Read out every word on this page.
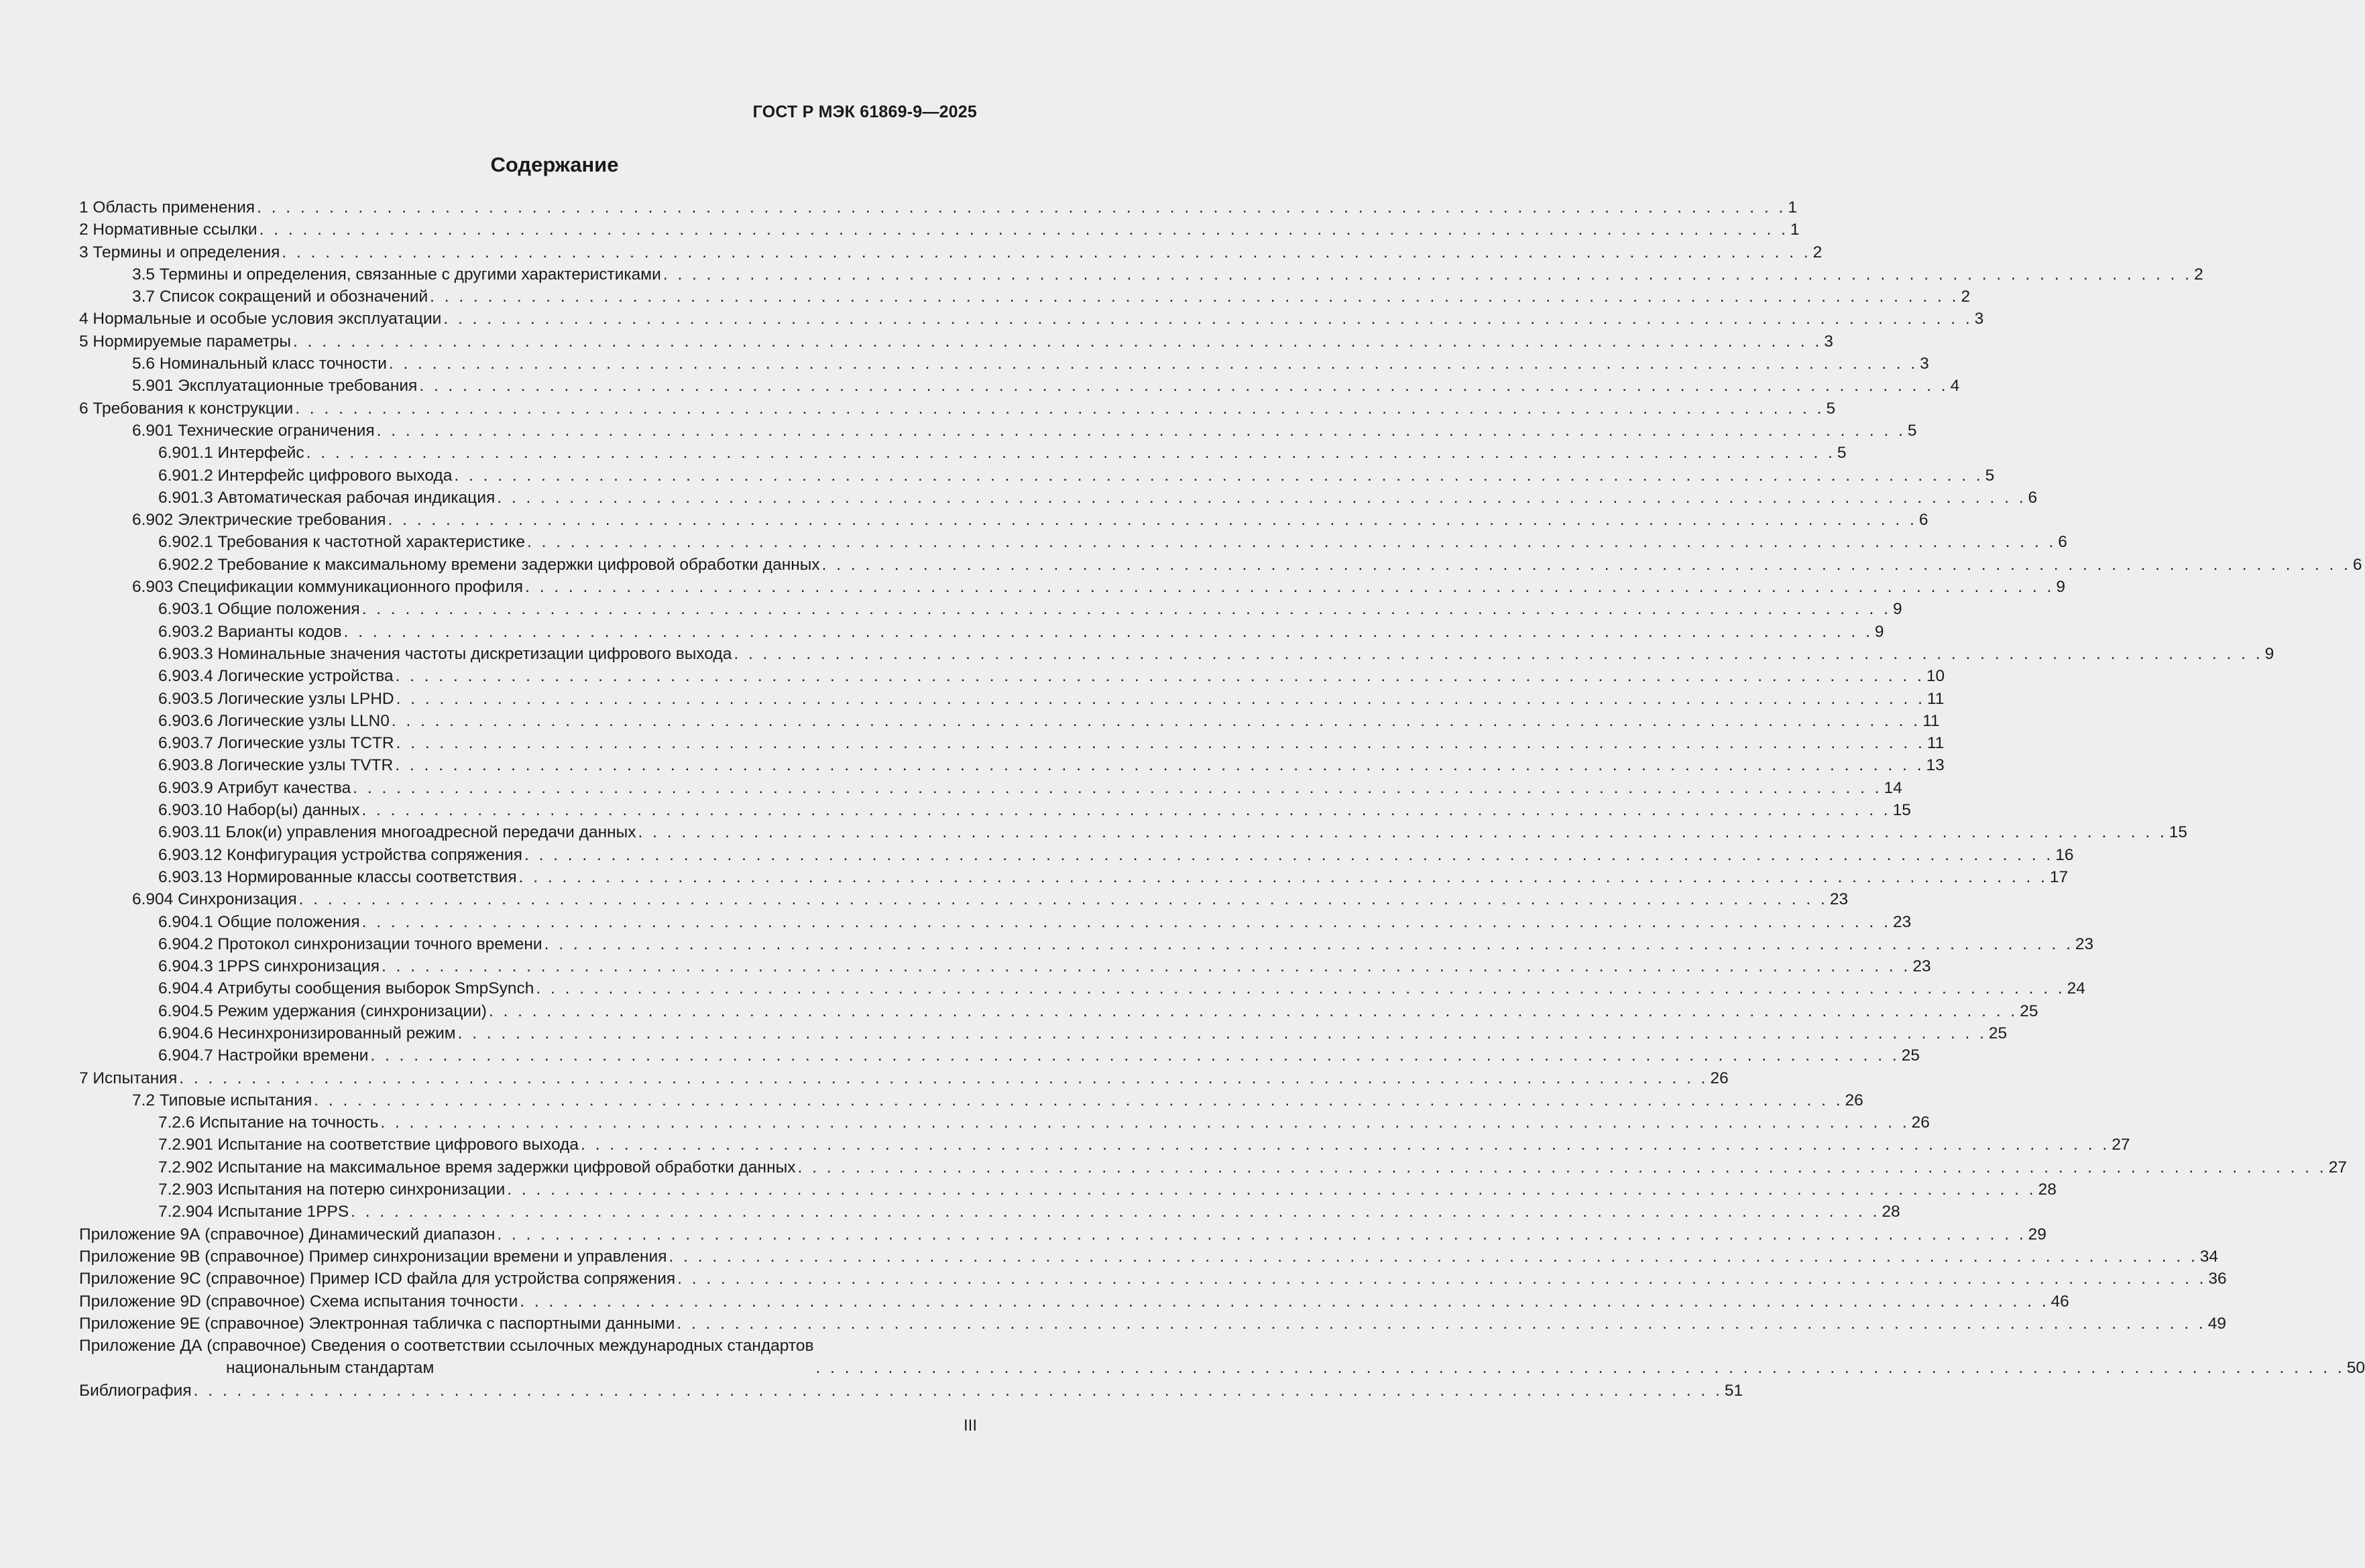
ГОСТ Р МЭК 61869-9—2025
Содержание
1 Область применения . . . . . . . . . . . . . . . . . . . . . . . . . . . . . . . . . . . . . . . . . . . . . . . . . . . . . . . . . . . . . . . . . . . . . . . . . . . . . . . . . . . . . . . . . . . . . . . . . . . . . . . . . . 1
2 Нормативные ссылки . . . . . . . . . . . . . . . . . . . . . . . . . . . . . . . . . . . . . . . . . . . . . . . . . . . . . . . . . . . . . . . . . . . . . . . . . . . . . . . . . . . . . . . . . . . . . . . . . . . . . . . . . . 1
3 Термины и определения . . . . . . . . . . . . . . . . . . . . . . . . . . . . . . . . . . . . . . . . . . . . . . . . . . . . . . . . . . . . . . . . . . . . . . . . . . . . . . . . . . . . . . . . . . . . . . . . . . . . . . . . . . 2
3.5 Термины и определения, связанные с другими характеристиками . . . . . . . . . . . . . . . . . . . . . . . . . . . . . . . . . . . . . . . . . . . . . . . . . . . . . . . . . . . . . . . . . . . . . . . . . . . . . . . . . . . . . . . . . . . . . . . . . . . . . . . . . . 2
3.7 Список сокращений и обозначений . . . . . . . . . . . . . . . . . . . . . . . . . . . . . . . . . . . . . . . . . . . . . . . . . . . . . . . . . . . . . . . . . . . . . . . . . . . . . . . . . . . . . . . . . . . . . . . . . . . . . . . . . . 2
4 Нормальные и особые условия эксплуатации . . . . . . . . . . . . . . . . . . . . . . . . . . . . . . . . . . . . . . . . . . . . . . . . . . . . . . . . . . . . . . . . . . . . . . . . . . . . . . . . . . . . . . . . . . . . . . . . . . . . . . . . . . 3
5 Нормируемые параметры . . . . . . . . . . . . . . . . . . . . . . . . . . . . . . . . . . . . . . . . . . . . . . . . . . . . . . . . . . . . . . . . . . . . . . . . . . . . . . . . . . . . . . . . . . . . . . . . . . . . . . . . . . 3
5.6 Номинальный класс точности . . . . . . . . . . . . . . . . . . . . . . . . . . . . . . . . . . . . . . . . . . . . . . . . . . . . . . . . . . . . . . . . . . . . . . . . . . . . . . . . . . . . . . . . . . . . . . . . . . . . . . . . . . 3
5.901 Эксплуатационные требования . . . . . . . . . . . . . . . . . . . . . . . . . . . . . . . . . . . . . . . . . . . . . . . . . . . . . . . . . . . . . . . . . . . . . . . . . . . . . . . . . . . . . . . . . . . . . . . . . . . . . . . . . . 4
6 Требования к конструкции . . . . . . . . . . . . . . . . . . . . . . . . . . . . . . . . . . . . . . . . . . . . . . . . . . . . . . . . . . . . . . . . . . . . . . . . . . . . . . . . . . . . . . . . . . . . . . . . . . . . . . . . . . 5
6.901 Технические ограничения . . . . . . . . . . . . . . . . . . . . . . . . . . . . . . . . . . . . . . . . . . . . . . . . . . . . . . . . . . . . . . . . . . . . . . . . . . . . . . . . . . . . . . . . . . . . . . . . . . . . . . . . . . 5
6.901.1 Интерфейс . . . . . . . . . . . . . . . . . . . . . . . . . . . . . . . . . . . . . . . . . . . . . . . . . . . . . . . . . . . . . . . . . . . . . . . . . . . . . . . . . . . . . . . . . . . . . . . . . . . . . . . . . . 5
6.901.2 Интерфейс цифрового выхода . . . . . . . . . . . . . . . . . . . . . . . . . . . . . . . . . . . . . . . . . . . . . . . . . . . . . . . . . . . . . . . . . . . . . . . . . . . . . . . . . . . . . . . . . . . . . . . . . . . . . . . . . . 5
6.901.3 Автоматическая рабочая индикация . . . . . . . . . . . . . . . . . . . . . . . . . . . . . . . . . . . . . . . . . . . . . . . . . . . . . . . . . . . . . . . . . . . . . . . . . . . . . . . . . . . . . . . . . . . . . . . . . . . . . . . . . . 6
6.902 Электрические требования . . . . . . . . . . . . . . . . . . . . . . . . . . . . . . . . . . . . . . . . . . . . . . . . . . . . . . . . . . . . . . . . . . . . . . . . . . . . . . . . . . . . . . . . . . . . . . . . . . . . . . . . . . 6
6.902.1 Требования к частотной характеристике . . . . . . . . . . . . . . . . . . . . . . . . . . . . . . . . . . . . . . . . . . . . . . . . . . . . . . . . . . . . . . . . . . . . . . . . . . . . . . . . . . . . . . . . . . . . . . . . . . . . . . . . . . 6
6.902.2 Требование к максимальному времени задержки цифровой обработки данных . . . . . . . . . . . . . . . . . . . . . . . . . . . . . . . . . . . . . . . . . . . . . . . . . . . . . . . . . . . . . . . . . . . . . . . . . . . . . . . . . . . . . . . . . . . . . . . . . . . . . . . . . . 6
6.903 Спецификации коммуникационного профиля . . . . . . . . . . . . . . . . . . . . . . . . . . . . . . . . . . . . . . . . . . . . . . . . . . . . . . . . . . . . . . . . . . . . . . . . . . . . . . . . . . . . . . . . . . . . . . . . . . . . . . . . . . 9
6.903.1 Общие положения . . . . . . . . . . . . . . . . . . . . . . . . . . . . . . . . . . . . . . . . . . . . . . . . . . . . . . . . . . . . . . . . . . . . . . . . . . . . . . . . . . . . . . . . . . . . . . . . . . . . . . . . . . 9
6.903.2 Варианты кодов . . . . . . . . . . . . . . . . . . . . . . . . . . . . . . . . . . . . . . . . . . . . . . . . . . . . . . . . . . . . . . . . . . . . . . . . . . . . . . . . . . . . . . . . . . . . . . . . . . . . . . . . . . 9
6.903.3 Номинальные значения частоты дискретизации цифрового выхода . . . . . . . . . . . . . . . . . . . . . . . . . . . . . . . . . . . . . . . . . . . . . . . . . . . . . . . . . . . . . . . . . . . . . . . . . . . . . . . . . . . . . . . . . . . . . . . . . . . . . . . . . . 9
6.903.4 Логические устройства . . . . . . . . . . . . . . . . . . . . . . . . . . . . . . . . . . . . . . . . . . . . . . . . . . . . . . . . . . . . . . . . . . . . . . . . . . . . . . . . . . . . . . . . . . . . . . . . . . . . . . . . . . 10
6.903.5 Логические узлы LPHD . . . . . . . . . . . . . . . . . . . . . . . . . . . . . . . . . . . . . . . . . . . . . . . . . . . . . . . . . . . . . . . . . . . . . . . . . . . . . . . . . . . . . . . . . . . . . . . . . . . . . . . . . . 11
6.903.6 Логические узлы LLN0 . . . . . . . . . . . . . . . . . . . . . . . . . . . . . . . . . . . . . . . . . . . . . . . . . . . . . . . . . . . . . . . . . . . . . . . . . . . . . . . . . . . . . . . . . . . . . . . . . . . . . . . . . . 11
6.903.7 Логические узлы TCTR . . . . . . . . . . . . . . . . . . . . . . . . . . . . . . . . . . . . . . . . . . . . . . . . . . . . . . . . . . . . . . . . . . . . . . . . . . . . . . . . . . . . . . . . . . . . . . . . . . . . . . . . . . 11
6.903.8 Логические узлы TVTR . . . . . . . . . . . . . . . . . . . . . . . . . . . . . . . . . . . . . . . . . . . . . . . . . . . . . . . . . . . . . . . . . . . . . . . . . . . . . . . . . . . . . . . . . . . . . . . . . . . . . . . . . . 13
6.903.9 Атрибут качества . . . . . . . . . . . . . . . . . . . . . . . . . . . . . . . . . . . . . . . . . . . . . . . . . . . . . . . . . . . . . . . . . . . . . . . . . . . . . . . . . . . . . . . . . . . . . . . . . . . . . . . . . . 14
6.903.10 Набор(ы) данных . . . . . . . . . . . . . . . . . . . . . . . . . . . . . . . . . . . . . . . . . . . . . . . . . . . . . . . . . . . . . . . . . . . . . . . . . . . . . . . . . . . . . . . . . . . . . . . . . . . . . . . . . . 15
6.903.11 Блок(и) управления многоадресной передачи данных . . . . . . . . . . . . . . . . . . . . . . . . . . . . . . . . . . . . . . . . . . . . . . . . . . . . . . . . . . . . . . . . . . . . . . . . . . . . . . . . . . . . . . . . . . . . . . . . . . . . . . . . . . 15
6.903.12 Конфигурация устройства сопряжения . . . . . . . . . . . . . . . . . . . . . . . . . . . . . . . . . . . . . . . . . . . . . . . . . . . . . . . . . . . . . . . . . . . . . . . . . . . . . . . . . . . . . . . . . . . . . . . . . . . . . . . . . . 16
6.903.13 Нормированные классы соответствия . . . . . . . . . . . . . . . . . . . . . . . . . . . . . . . . . . . . . . . . . . . . . . . . . . . . . . . . . . . . . . . . . . . . . . . . . . . . . . . . . . . . . . . . . . . . . . . . . . . . . . . . . . 17
6.904 Синхронизация . . . . . . . . . . . . . . . . . . . . . . . . . . . . . . . . . . . . . . . . . . . . . . . . . . . . . . . . . . . . . . . . . . . . . . . . . . . . . . . . . . . . . . . . . . . . . . . . . . . . . . . . . . 23
6.904.1 Общие положения . . . . . . . . . . . . . . . . . . . . . . . . . . . . . . . . . . . . . . . . . . . . . . . . . . . . . . . . . . . . . . . . . . . . . . . . . . . . . . . . . . . . . . . . . . . . . . . . . . . . . . . . . . 23
6.904.2 Протокол синхронизации точного времени . . . . . . . . . . . . . . . . . . . . . . . . . . . . . . . . . . . . . . . . . . . . . . . . . . . . . . . . . . . . . . . . . . . . . . . . . . . . . . . . . . . . . . . . . . . . . . . . . . . . . . . . . . 23
6.904.3 1PPS синхронизация . . . . . . . . . . . . . . . . . . . . . . . . . . . . . . . . . . . . . . . . . . . . . . . . . . . . . . . . . . . . . . . . . . . . . . . . . . . . . . . . . . . . . . . . . . . . . . . . . . . . . . . . . . 23
6.904.4 Атрибуты сообщения выборок SmpSynch . . . . . . . . . . . . . . . . . . . . . . . . . . . . . . . . . . . . . . . . . . . . . . . . . . . . . . . . . . . . . . . . . . . . . . . . . . . . . . . . . . . . . . . . . . . . . . . . . . . . . . . . . . 24
6.904.5 Режим удержания (синхронизации) . . . . . . . . . . . . . . . . . . . . . . . . . . . . . . . . . . . . . . . . . . . . . . . . . . . . . . . . . . . . . . . . . . . . . . . . . . . . . . . . . . . . . . . . . . . . . . . . . . . . . . . . . . 25
6.904.6 Несинхронизированный режим . . . . . . . . . . . . . . . . . . . . . . . . . . . . . . . . . . . . . . . . . . . . . . . . . . . . . . . . . . . . . . . . . . . . . . . . . . . . . . . . . . . . . . . . . . . . . . . . . . . . . . . . . . 25
6.904.7 Настройки времени . . . . . . . . . . . . . . . . . . . . . . . . . . . . . . . . . . . . . . . . . . . . . . . . . . . . . . . . . . . . . . . . . . . . . . . . . . . . . . . . . . . . . . . . . . . . . . . . . . . . . . . . . . 25
7 Испытания . . . . . . . . . . . . . . . . . . . . . . . . . . . . . . . . . . . . . . . . . . . . . . . . . . . . . . . . . . . . . . . . . . . . . . . . . . . . . . . . . . . . . . . . . . . . . . . . . . . . . . . . . . 26
7.2 Типовые испытания . . . . . . . . . . . . . . . . . . . . . . . . . . . . . . . . . . . . . . . . . . . . . . . . . . . . . . . . . . . . . . . . . . . . . . . . . . . . . . . . . . . . . . . . . . . . . . . . . . . . . . . . . . 26
7.2.6 Испытание на точность . . . . . . . . . . . . . . . . . . . . . . . . . . . . . . . . . . . . . . . . . . . . . . . . . . . . . . . . . . . . . . . . . . . . . . . . . . . . . . . . . . . . . . . . . . . . . . . . . . . . . . . . . . 26
7.2.901 Испытание на соответствие цифрового выхода . . . . . . . . . . . . . . . . . . . . . . . . . . . . . . . . . . . . . . . . . . . . . . . . . . . . . . . . . . . . . . . . . . . . . . . . . . . . . . . . . . . . . . . . . . . . . . . . . . . . . . . . . . 27
7.2.902 Испытание на максимальное время задержки цифровой обработки данных . . . . . . . . . . . . . . . . . . . . . . . . . . . . . . . . . . . . . . . . . . . . . . . . . . . . . . . . . . . . . . . . . . . . . . . . . . . . . . . . . . . . . . . . . . . . . . . . . . . . . . . . . . 27
7.2.903 Испытания на потерю синхронизации . . . . . . . . . . . . . . . . . . . . . . . . . . . . . . . . . . . . . . . . . . . . . . . . . . . . . . . . . . . . . . . . . . . . . . . . . . . . . . . . . . . . . . . . . . . . . . . . . . . . . . . . . . 28
7.2.904 Испытание 1PPS . . . . . . . . . . . . . . . . . . . . . . . . . . . . . . . . . . . . . . . . . . . . . . . . . . . . . . . . . . . . . . . . . . . . . . . . . . . . . . . . . . . . . . . . . . . . . . . . . . . . . . . . . . 28
Приложение 9А (справочное) Динамический диапазон . . . . . . . . . . . . . . . . . . . . . . . . . . . . . . . . . . . . . . . . . . . . . . . . . . . . . . . . . . . . . . . . . . . . . . . . . . . . . . . . . . . . . . . . . . . . . . . . . . . . . . . . . . 29
Приложение 9В (справочное) Пример синхронизации времени и управления . . . . . . . . . . . . . . . . . . . . . . . . . . . . . . . . . . . . . . . . . . . . . . . . . . . . . . . . . . . . . . . . . . . . . . . . . . . . . . . . . . . . . . . . . . . . . . . . . . . . . . . . . . 34
Приложение 9С (справочное) Пример ICD файла для устройства сопряжения . . . . . . . . . . . . . . . . . . . . . . . . . . . . . . . . . . . . . . . . . . . . . . . . . . . . . . . . . . . . . . . . . . . . . . . . . . . . . . . . . . . . . . . . . . . . . . . . . . . . . . . . . . 36
Приложение 9D (справочное) Схема испытания точности . . . . . . . . . . . . . . . . . . . . . . . . . . . . . . . . . . . . . . . . . . . . . . . . . . . . . . . . . . . . . . . . . . . . . . . . . . . . . . . . . . . . . . . . . . . . . . . . . . . . . . . . . . 46
Приложение 9Е (справочное) Электронная табличка с паспортными данными . . . . . . . . . . . . . . . . . . . . . . . . . . . . . . . . . . . . . . . . . . . . . . . . . . . . . . . . . . . . . . . . . . . . . . . . . . . . . . . . . . . . . . . . . . . . . . . . . . . . . . . . . . 49
Приложение ДА (справочное) Сведения о соответствии ссылочных международных стандартов
национальным стандартам	. . . . . . . . . . . . . . . . . . . . . . . . . . . . . . . . . . . . . . . . . . . . . . . . . . . . . . . . . . . . . . . . . . . . . . . . . . . . . . . . . . . . . . . . . . . . . . . . . . . . . . . . . . 50
Библиография . . . . . . . . . . . . . . . . . . . . . . . . . . . . . . . . . . . . . . . . . . . . . . . . . . . . . . . . . . . . . . . . . . . . . . . . . . . . . . . . . . . . . . . . . . . . . . . . . . . . . . . . . . 51
III
